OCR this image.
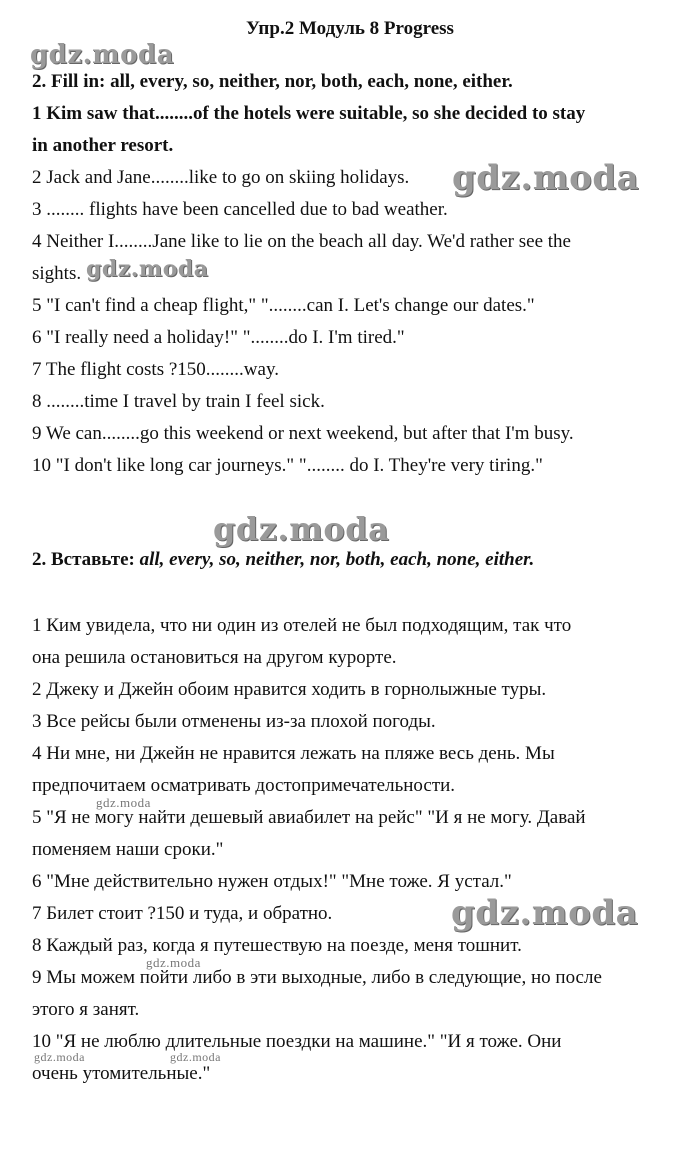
Упр.2 Модуль 8 Progress
gdz.moda
gdz.moda
gdz.moda
gdz.moda
gdz.moda
gdz.moda
gdz.moda
gdz.moda	gdz.moda
2. Fill in: all, every, so, neither, nor, both, each, none, either.
1 Kim saw that........of the hotels were suitable, so she decided to stay
in another resort.
2 Jack and Jane........like to go on skiing holidays.
3 ........ flights have been cancelled due to bad weather.
4 Neither I........Jane like to lie on the beach all day. We'd rather see the
sights.
5 "I can't find a cheap flight," "........can I. Let's change our dates."
6 "I really need a holiday!" "........do I. I'm tired."
7 The flight costs ?150........way.
8 ........time I travel by train I feel sick.
9 We can........go this weekend or next weekend, but after that I'm busy.
10 "I don't like long car journeys." "........ do I. They're very tiring."
2. Вставьте: all, every, so, neither, nor, both, each, none, either.
1 Ким увидела, что ни один из отелей не был подходящим, так что
она решила остановиться на другом курорте.
2 Джеку и Джейн обоим нравится ходить в горнолыжные туры.
3 Все рейсы были отменены из-за плохой погоды.
4 Ни мне, ни Джейн не нравится лежать на пляже весь день. Мы
предпочитаем осматривать достопримечательности.
5 "Я не могу найти дешевый авиабилет на рейс" "И я не могу. Давай
поменяем наши сроки."
6 "Мне действительно нужен отдых!" "Мне тоже. Я устал."
7 Билет стоит ?150 и туда, и обратно.
8 Каждый раз, когда я путешествую на поезде, меня тошнит.
9 Мы можем пойти либо в эти выходные, либо в следующие, но после
этого я занят.
10 "Я не люблю длительные поездки на машине." "И я тоже. Они
очень утомительные."
